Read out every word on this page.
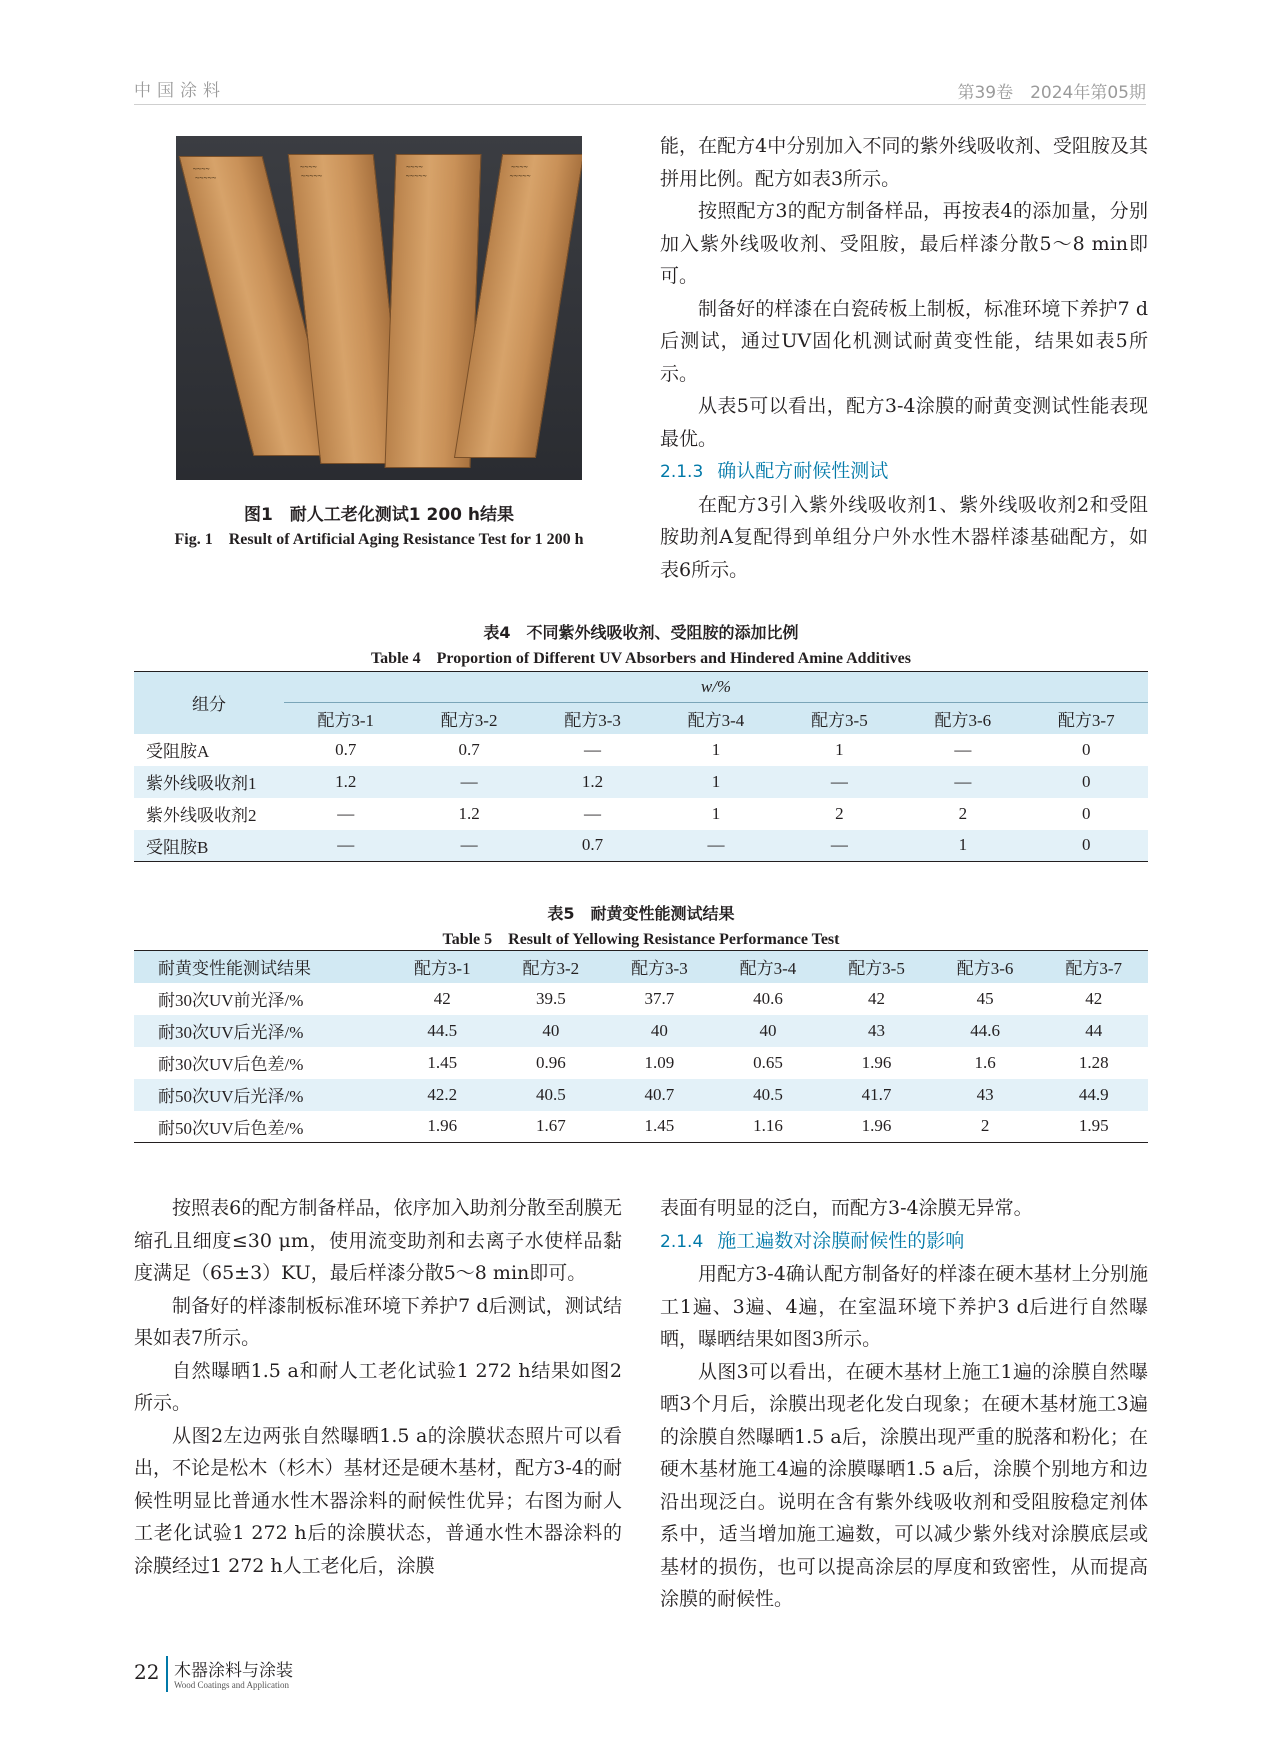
中国涂料	第39卷　2024年第05期
~~~~
~~~~~
~~~~
~~~~~
~~~~
~~~~~
~~~~
~~~~~
图1　耐人工老化测试1 200 h结果
Fig. 1　Result of Artificial Aging Resistance Test for 1 200 h

能，在配方4中分别加入不同的紫外线吸收剂、受阻胺及其拼用比例。配方如表3所示。

按照配方3的配方制备样品，再按表4的添加量，分别加入紫外线吸收剂、受阻胺，最后样漆分散5～8 min即可。

制备好的样漆在白瓷砖板上制板，标准环境下养护7 d后测试，通过UV固化机测试耐黄变性能，结果如表5所示。

从表5可以看出，配方3-4涂膜的耐黄变测试性能表现最优。

2.1.3 确认配方耐候性测试

在配方3引入紫外线吸收剂1、紫外线吸收剂2和受阻胺助剂A复配得到单组分户外水性木器样漆基础配方，如表6所示。

表4　不同紫外线吸收剂、受阻胺的添加比例
Table 4　Proportion of Different UV Absorbers and Hindered Amine Additives
组分	w/%						
	配方3-1	配方3-2	配方3-3	配方3-4	配方3-5	配方3-6	配方3-7
受阻胺A	0.7	0.7	—	1	1	—	0
紫外线吸收剂1	1.2	—	1.2	1	—	—	0
紫外线吸收剂2	—	1.2	—	1	2	2	0
受阻胺B	—	—	0.7	—	—	1	0
表5　耐黄变性能测试结果
Table 5　Result of Yellowing Resistance Performance Test
耐黄变性能测试结果	配方3-1	配方3-2	配方3-3	配方3-4	配方3-5	配方3-6	配方3-7
耐30次UV前光泽/%	42	39.5	37.7	40.6	42	45	42
耐30次UV后光泽/%	44.5	40	40	40	43	44.6	44
耐30次UV后色差/%	1.45	0.96	1.09	0.65	1.96	1.6	1.28
耐50次UV后光泽/%	42.2	40.5	40.7	40.5	41.7	43	44.9
耐50次UV后色差/%	1.96	1.67	1.45	1.16	1.96	2	1.95

按照表6的配方制备样品，依序加入助剂分散至刮膜无缩孔且细度≤30 μm，使用流变助剂和去离子水使样品黏度满足（65±3）KU，最后样漆分散5～8 min即可。

制备好的样漆制板标准环境下养护7 d后测试，测试结果如表7所示。

自然曝晒1.5 a和耐人工老化试验1 272 h结果如图2所示。

从图2左边两张自然曝晒1.5 a的涂膜状态照片可以看出，不论是松木（杉木）基材还是硬木基材，配方3-4的耐候性明显比普通水性木器涂料的耐候性优异；右图为耐人工老化试验1 272 h后的涂膜状态，普通水性木器涂料的涂膜经过1 272 h人工老化后，涂膜

表面有明显的泛白，而配方3-4涂膜无异常。

2.1.4 施工遍数对涂膜耐候性的影响

用配方3-4确认配方制备好的样漆在硬木基材上分别施工1遍、3遍、4遍，在室温环境下养护3 d后进行自然曝晒，曝晒结果如图3所示。

从图3可以看出，在硬木基材上施工1遍的涂膜自然曝晒3个月后，涂膜出现老化发白现象；在硬木基材施工3遍的涂膜自然曝晒1.5 a后，涂膜出现严重的脱落和粉化；在硬木基材施工4遍的涂膜曝晒1.5 a后，涂膜个别地方和边沿出现泛白。说明在含有紫外线吸收剂和受阻胺稳定剂体系中，适当增加施工遍数，可以减少紫外线对涂膜底层或基材的损伤，也可以提高涂层的厚度和致密性，从而提高涂膜的耐候性。

22 木器涂料与涂装
Wood Coatings and Application
